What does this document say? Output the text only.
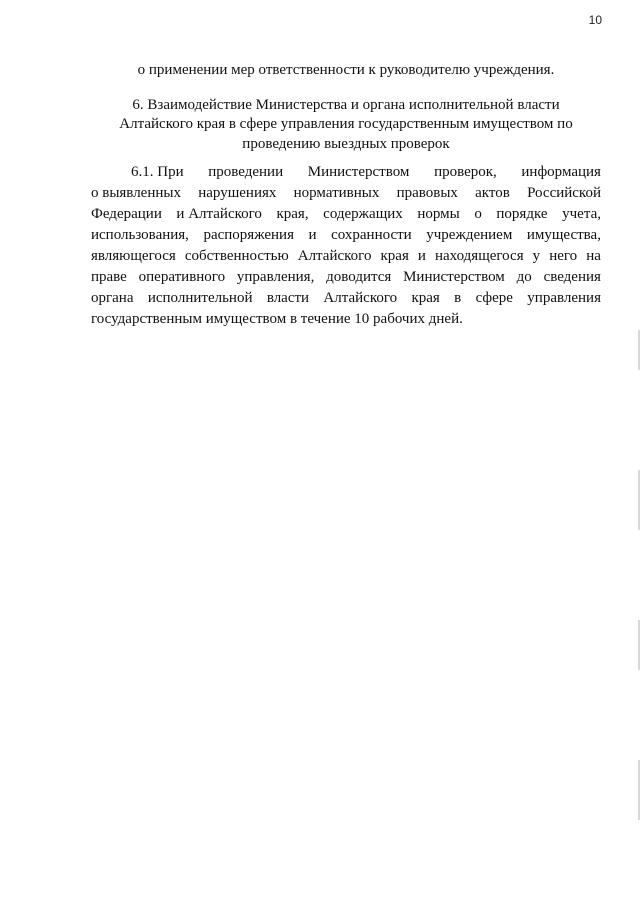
10
о применении мер ответственности к руководителю учреждения.
6. Взаимодействие Министерства и органа исполнительной власти
Алтайского края в сфере управления государственным имуществом по
проведению выездных проверок
6.1. При проведении Министерством проверок, информация
о выявленных нарушениях нормативных правовых актов Российской
Федерации и Алтайского края, содержащих нормы о порядке учета,
использования, распоряжения и сохранности учреждением имущества,
являющегося собственностью Алтайского края и находящегося у него на
праве оперативного управления, доводится Министерством до сведения
органа исполнительной власти Алтайского края в сфере управления
государственным имуществом в течение 10 рабочих дней.
